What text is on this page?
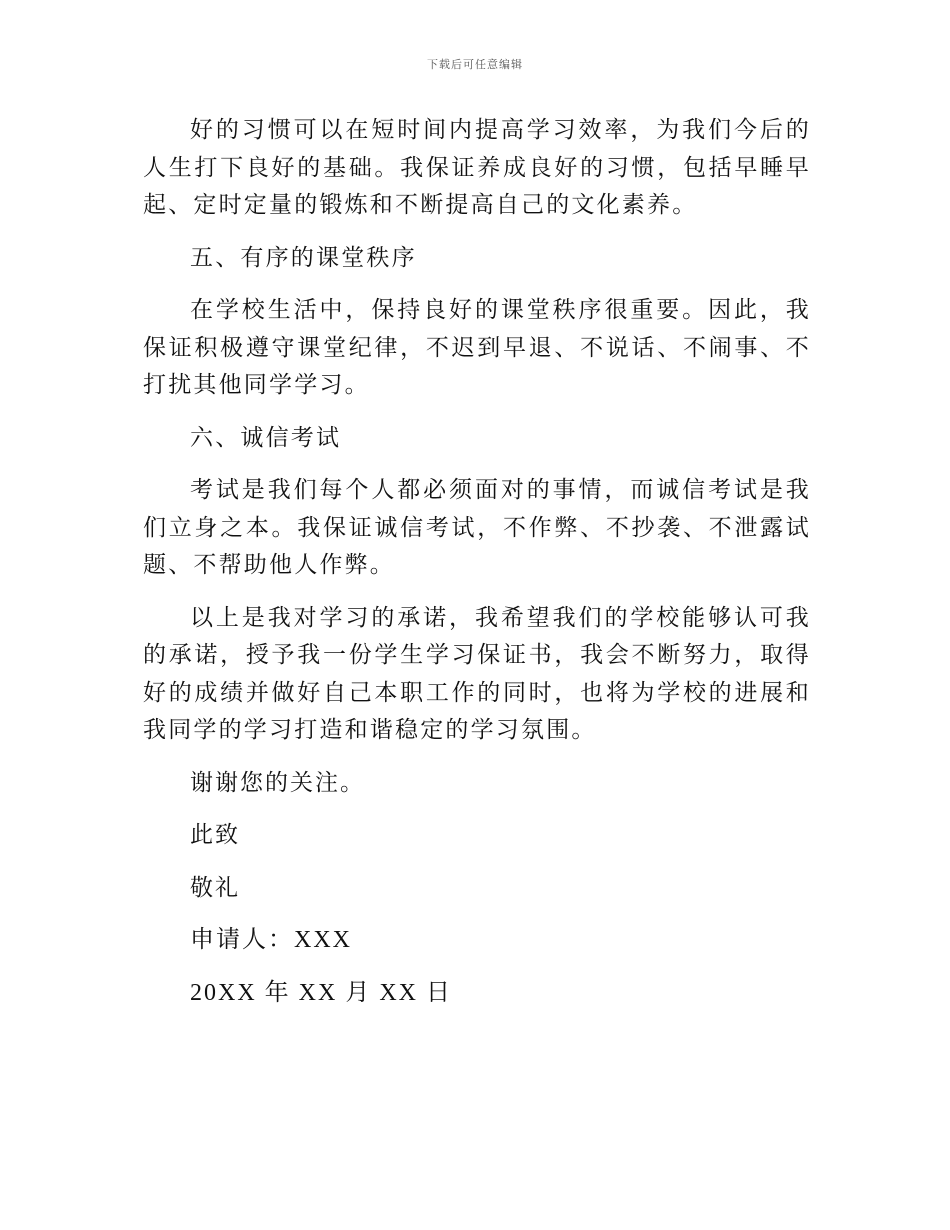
下载后可任意编辑

好的习惯可以在短时间内提高学习效率，为我们今后的人生打下良好的基础。我保证养成良好的习惯，包括早睡早起、定时定量的锻炼和不断提高自己的文化素养。

五、有序的课堂秩序

在学校生活中，保持良好的课堂秩序很重要。因此，我保证积极遵守课堂纪律，不迟到早退、不说话、不闹事、不打扰其他同学学习。

六、诚信考试

考试是我们每个人都必须面对的事情，而诚信考试是我们立身之本。我保证诚信考试，不作弊、不抄袭、不泄露试题、不帮助他人作弊。

以上是我对学习的承诺，我希望我们的学校能够认可我的承诺，授予我一份学生学习保证书，我会不断努力，取得好的成绩并做好自己本职工作的同时，也将为学校的进展和我同学的学习打造和谐稳定的学习氛围。

谢谢您的关注。

此致

敬礼

申请人：XXX

20XX 年 XX 月 XX 日
